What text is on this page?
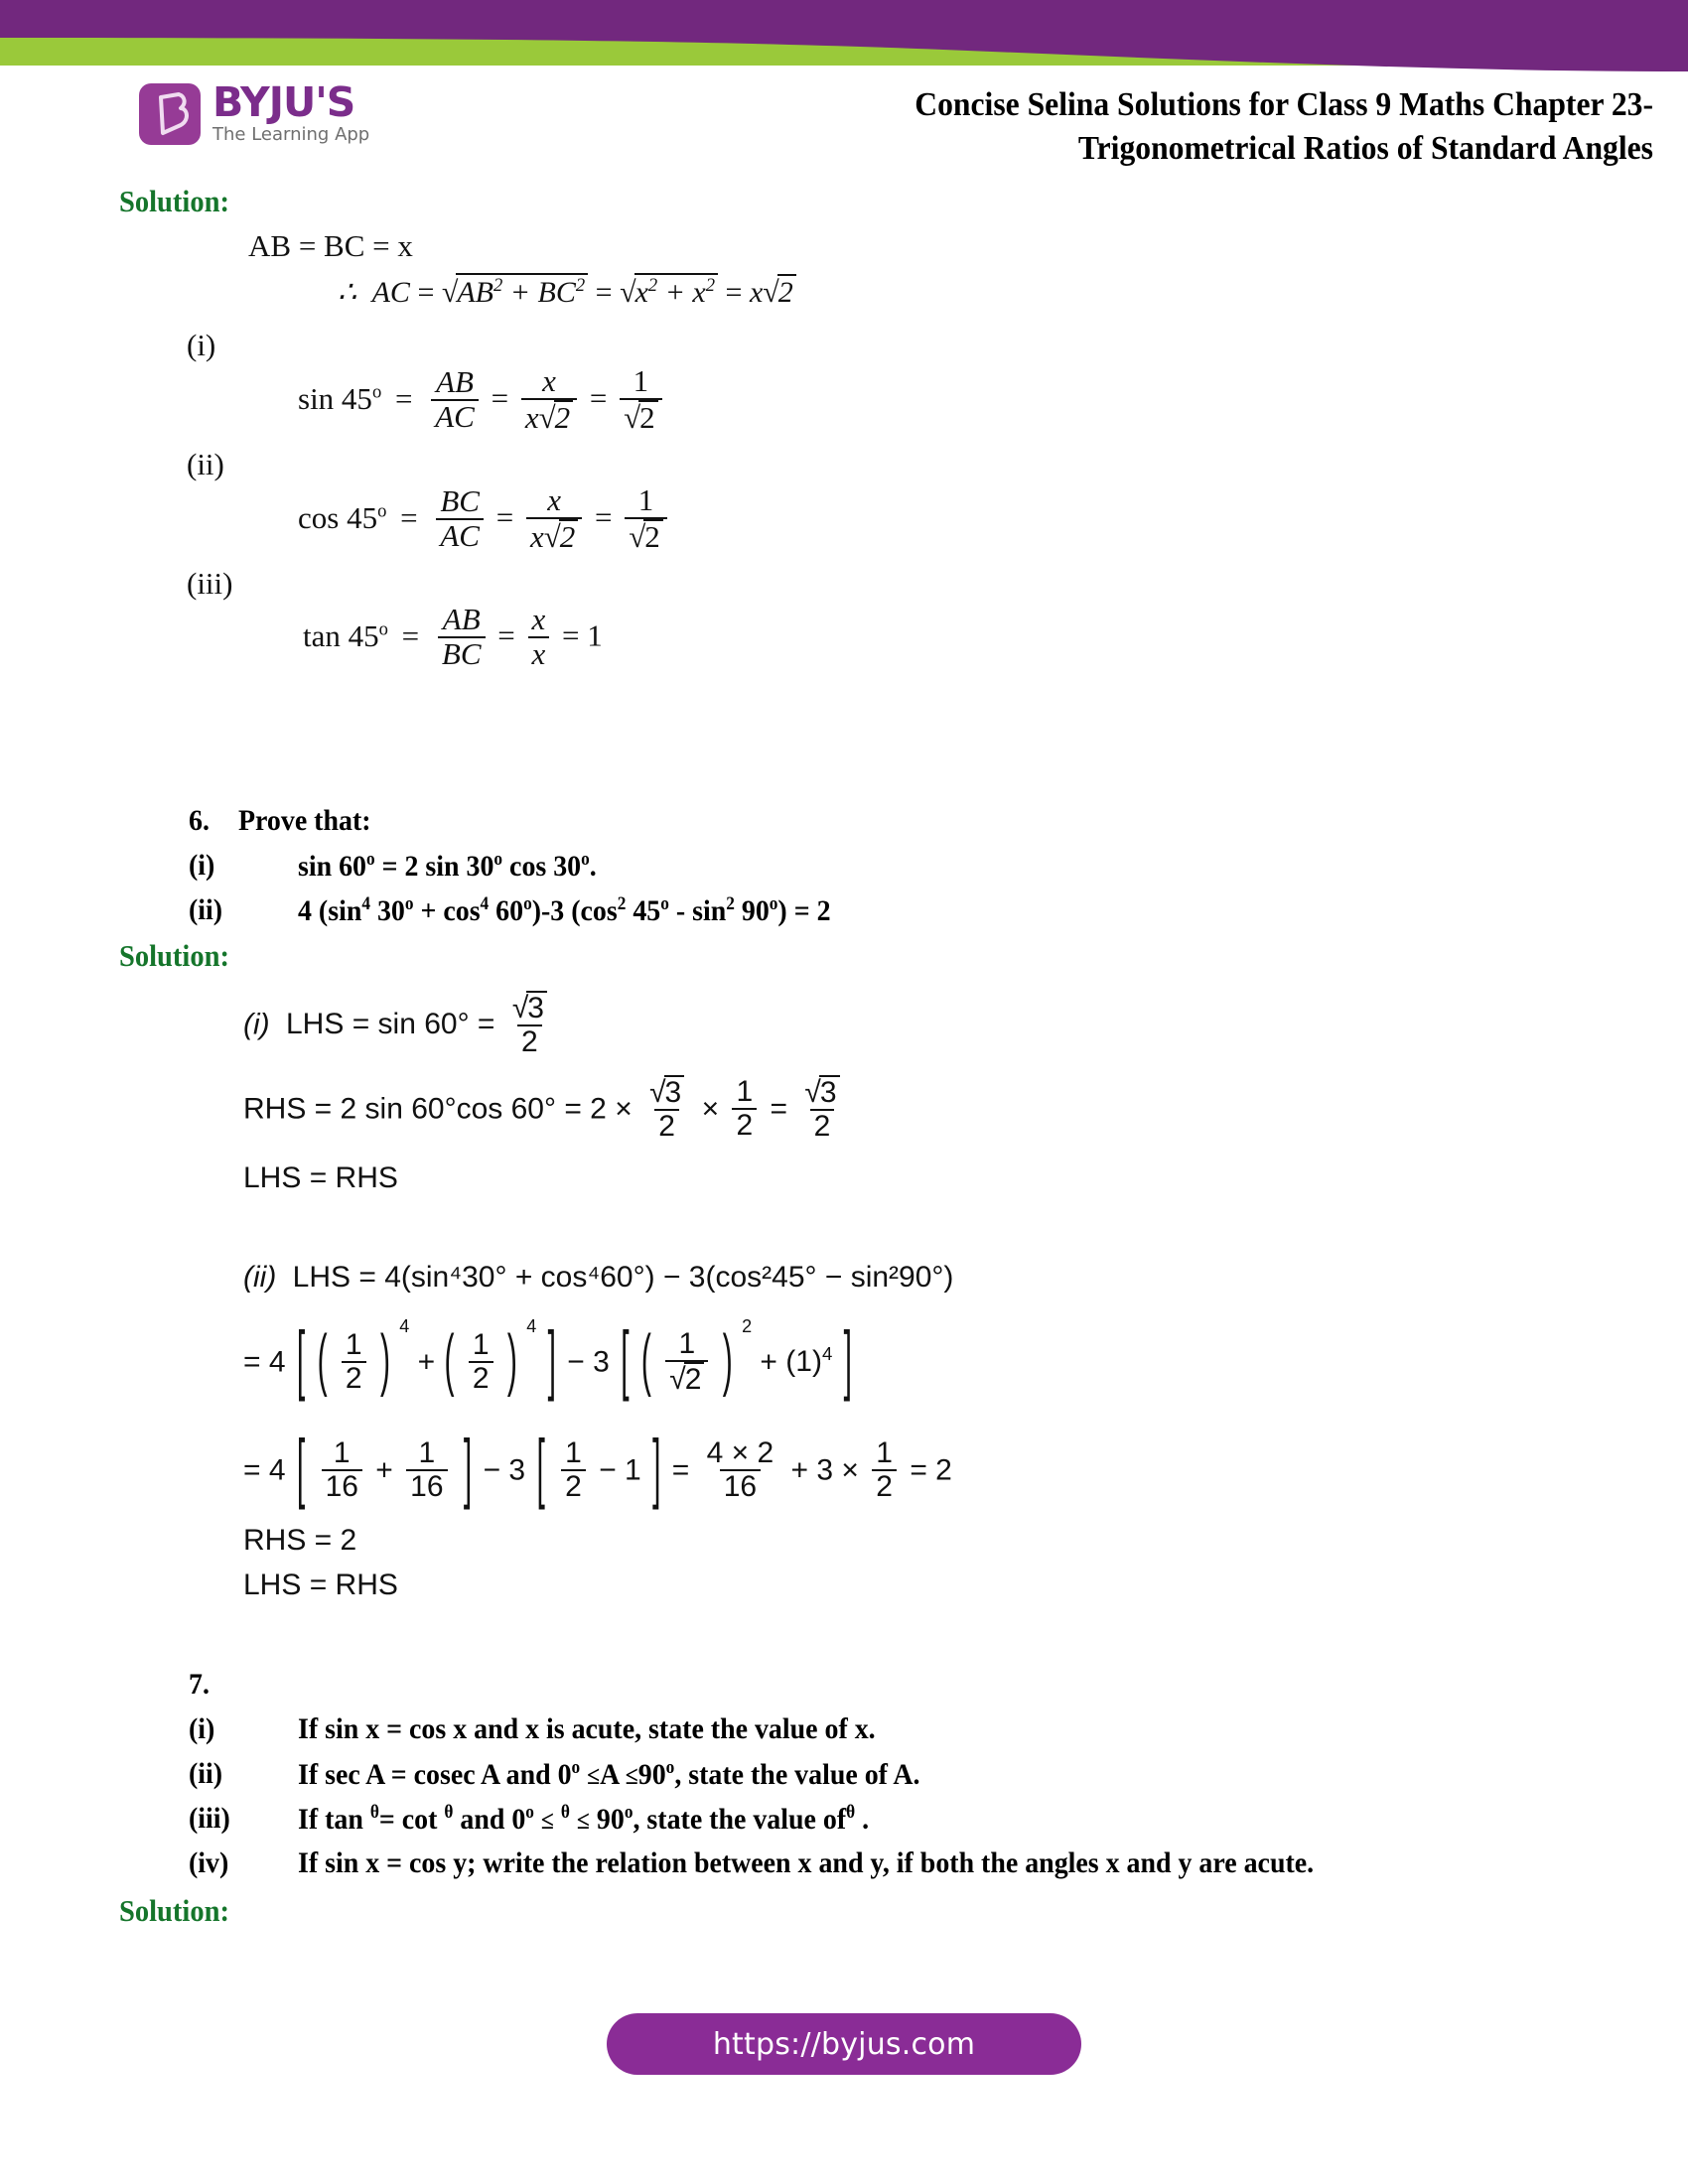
BYJU'S
The Learning App
Concise Selina Solutions for Class 9 Maths Chapter 23-
Trigonometrical Ratios of Standard Angles
Solution:
AB = BC = x
∴ AC = $√AB^2 + BC^2 = √x^2 + x^2 = x√2$
(i)
$\sin 45^o = \frac{AB}{AC} = \frac{x}{x√2} = \frac{1}{√2}$
(ii)
$\cos 45^o = \frac{BC}{AC} = \frac{x}{x√2} = \frac{1}{√2}$
(iii)
$\tan 45^o = \frac{AB}{BC} = \frac{x}{x} = 1$
6. Prove that:
(i)	$\sin 60^o = 2$ sin 30$^o$ cos 30$^o$.
(ii)	4 ($\sin^4$ $30^o + \cos^4 60^o)-3$ ($\cos^2$ $45^o - \sin^2 90^o) = 2$
Solution:
(i) LHS = $\sin 60^\circ = \frac{√3}{2}$
RHS = 2 sin 60°cos $60^\circ = 2 \times \frac{√3}{2} \times \frac{1}{2} = \frac{√3}{2}$
LHS = RHS
(ii) LHS = 4(sin⁴30° + cos⁴60°) − 3(cos²45° − sin²90°)
= 4 [ ( $\frac{1}{2}$ ) 4 + ( $\frac{1}{2}$ ) 4 ] − 3 [ ( $\frac{1}{√2}$ ) $2 + (1)^4$ ]
= 4 [ $\frac{1}{16} + \frac{1}{16}$ ] − 3 [ $\frac{1}{2} - 1$ ] = $\frac{4 \times 2}{16} + 3 \times \frac{1}{2} = 2$
RHS = 2
LHS = RHS
7.
(i)	If sin x = cos x and x is acute, state the value of x.
(ii)	If sec A = cosec A and $0^o \le A \le 90^o$, state the value of A.
(iii) If tan $^\theta$= cot $^\theta$ and $0^o \le ^\theta \le 90^o$, state the value $of^\theta$ .
(iv) If sin x = cos y; write the relation between x and y, if both the angles x and y are acute.
Solution:
https://byjus.com
